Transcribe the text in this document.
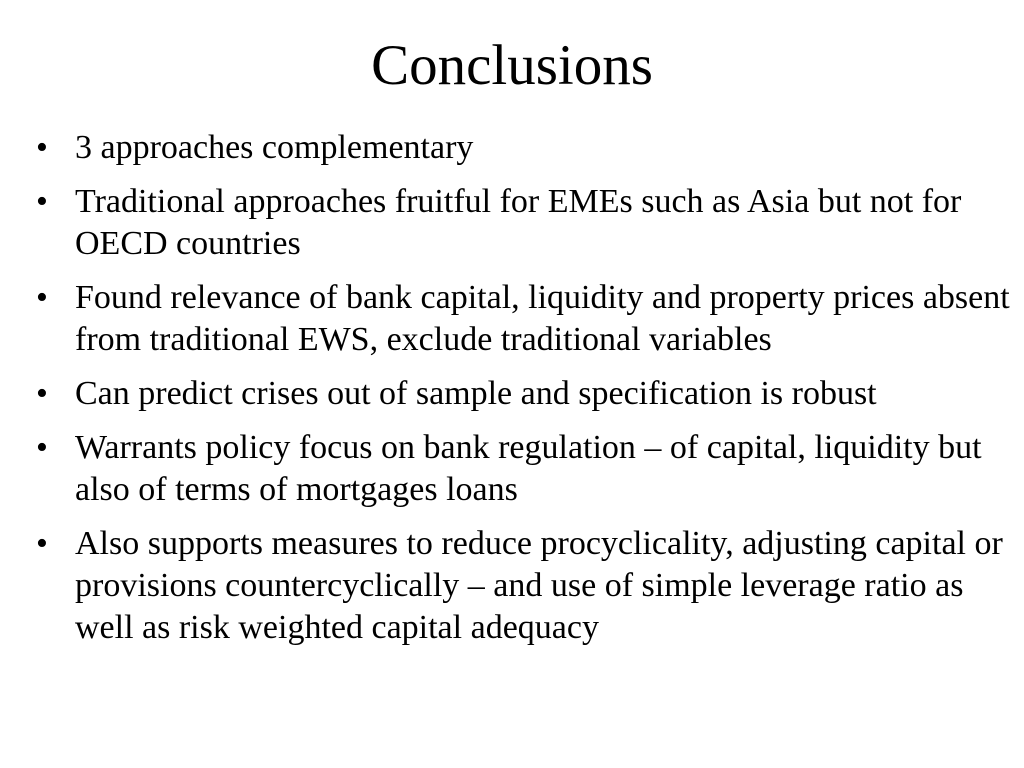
Conclusions
• 3 approaches complementary
• Traditional approaches fruitful for EMEs such as Asia but not for OECD countries
• Found relevance of bank capital, liquidity and property prices absent from traditional EWS, exclude traditional variables
• Can predict crises out of sample and specification is robust
• Warrants policy focus on bank regulation – of capital, liquidity but also of terms of mortgages loans
• Also supports measures to reduce procyclicality, adjusting capital or provisions countercyclically – and use of simple leverage ratio as well as risk weighted capital adequacy
